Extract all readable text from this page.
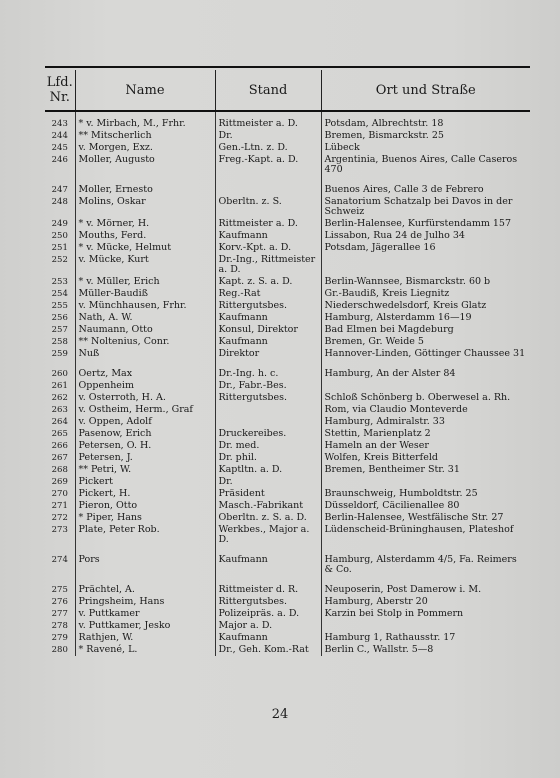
Lfd.
Nr.	Name	Stand	Ort und Straße

243	* v. Mirbach, M., Frhr.	Rittmeister a. D.	Potsdam, Albrechtstr. 18
244	** Mitscherlich	Dr.	Bremen, Bismarckstr. 25
245	v. Morgen, Exz.	Gen.-Ltn. z. D.	Lübeck
246	Moller, Augusto	Freg.-Kapt. a. D.	Argentinia, Buenos Aires, Calle Caseros 470
247	Moller, Ernesto		Buenos Aires, Calle 3 de Febrero
248	Molins, Oskar	Oberltn. z. S.	Sanatorium Schatzalp bei Davos in der Schweiz
249	* v. Mörner, H.	Rittmeister a. D.	Berlin-Halensee, Kurfürstendamm 157
250	Mouths, Ferd.	Kaufmann	Lissabon, Rua 24 de Julho 34
251	* v. Mücke, Helmut	Korv.-Kpt. a. D.	Potsdam, Jägerallee 16
252	v. Mücke, Kurt	Dr.-Ing., Rittmeister a. D.	
253	* v. Müller, Erich	Kapt. z. S. a. D.	Berlin-Wannsee, Bismarckstr. 60 b
254	Müller-Baudiß	Reg.-Rat	Gr.-Baudiß, Kreis Liegnitz
255	v. Münchhausen, Frhr.	Rittergutsbes.	Niederschwedelsdorf, Kreis Glatz
256	Nath, A. W.	Kaufmann	Hamburg, Alsterdamm 16—19
257	Naumann, Otto	Konsul, Direktor	Bad Elmen bei Magdeburg
258	** Noltenius, Conr.	Kaufmann	Bremen, Gr. Weide 5
259	Nuß	Direktor	Hannover-Linden, Göttinger Chaussee 31
260	Oertz, Max	Dr.-Ing. h. c.	Hamburg, An der Alster 84
261	Oppenheim	Dr., Fabr.-Bes.	
262	v. Osterroth, H. A.	Rittergutsbes.	Schloß Schönberg b. Oberwesel a. Rh.
263	v. Ostheim, Herm., Graf		Rom, via Claudio Monteverde
264	v. Oppen, Adolf		Hamburg, Admiralstr. 33
265	Pasenow, Erich	Druckereibes.	Stettin, Marienplatz 2
266	Petersen, O. H.	Dr. med.	Hameln an der Weser
267	Petersen, J.	Dr. phil.	Wolfen, Kreis Bitterfeld
268	** Petri, W.	Kaptltn. a. D.	Bremen, Bentheimer Str. 31
269	Pickert	Dr.	
270	Pickert, H.	Präsident	Braunschweig, Humboldtstr. 25
271	Pieron, Otto	Masch.-Fabrikant	Düsseldorf, Cäcilienallee 80
272	* Piper, Hans	Oberltn. z. S. a. D.	Berlin-Halensee, Westfälische Str. 27
273	Plate, Peter Rob.	Werkbes., Major a. D.	Lüdenscheid-Brüninghausen, Plateshof
274	Pors	Kaufmann	Hamburg, Alsterdamm 4/5, Fa. Reimers & Co.
275	Prächtel, A.	Rittmeister d. R.	Neuposerin, Post Damerow i. M.
276	Pringsheim, Hans	Rittergutsbes.	Hamburg, Aberstr 20
277	v. Puttkamer	Polizeipräs. a. D.	Karzin bei Stolp in Pommern
278	v. Puttkamer, Jesko	Major a. D.	
279	Rathjen, W.	Kaufmann	Hamburg 1, Rathausstr. 17
280	* Ravené, L.	Dr., Geh. Kom.-Rat	Berlin C., Wallstr. 5—8
24
